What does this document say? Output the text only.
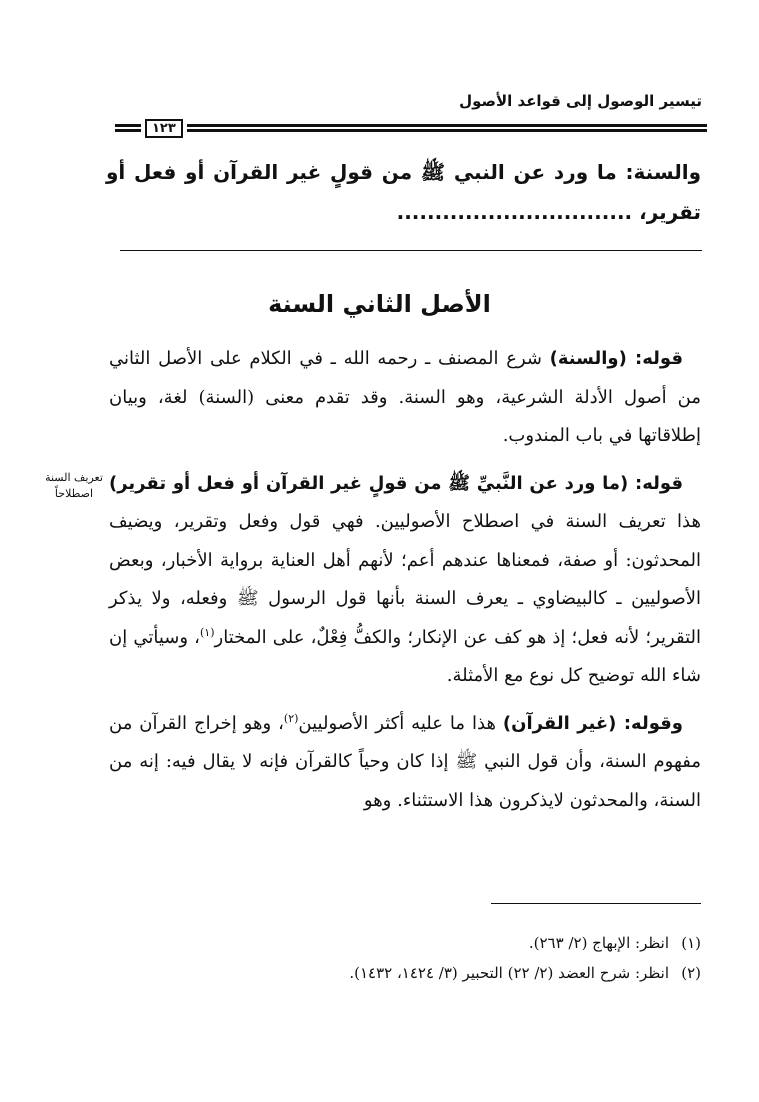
تيسير الوصول إلى قواعد الأصول
١٢٣
والسنة: ما ورد عن النبي ﷺ من قولٍ غير القرآن أو فعل أو تقرير، ...............................
الأصل الثاني السنة
تعريف السنة اصطلاحاً

قوله: (والسنة) شرع المصنف ـ رحمه الله ـ في الكلام على الأصل الثاني من أصول الأدلة الشرعية، وهو السنة. وقد تقدم معنى (السنة) لغة، وبيان إطلاقاتها في باب المندوب.

قوله: (ما ورد عن النَّبيِّ ﷺ من قولٍ غير القرآن أو فعل أو تقرير) هذا تعريف السنة في اصطلاح الأصوليين. فهي قول وفعل وتقرير، ويضيف المحدثون: أو صفة، فمعناها عندهم أعم؛ لأنهم أهل العناية برواية الأخبار، وبعض الأصوليين ـ كالبيضاوي ـ يعرف السنة بأنها قول الرسول ﷺ وفعله، ولا يذكر التقرير؛ لأنه فعل؛ إذ هو كف عن الإنكار؛ والكفُّ فِعْلٌ، على المختار$^{(١)}$، وسيأتي إن شاء الله توضيح كل نوع مع الأمثلة.

وقوله: (غير القرآن) هذا ما عليه أكثر الأصوليين$^{(٢)}$، وهو إخراج القرآن من مفهوم السنة، وأن قول النبي ﷺ إذا كان وحياً كالقرآن فإنه لا يقال فيه: إنه من السنة، والمحدثون لايذكرون هذا الاستثناء. وهو

(١)انظر: الإبهاج (٢/ ٢٦٣).
(٢)انظر: شرح العضد (٢/ ٢٢) التحبير (٣/ ١٤٢٤، ١٤٣٢).
